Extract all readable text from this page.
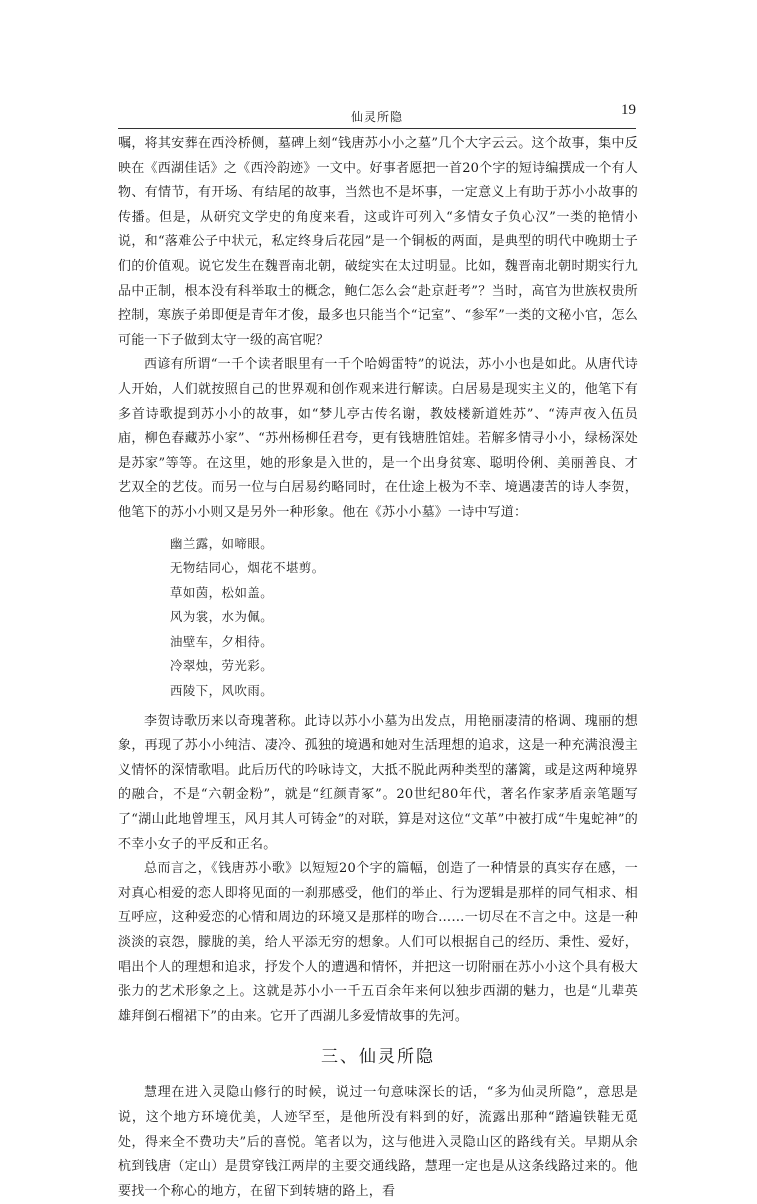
仙灵所隐	19

嘱，将其安葬在西泠桥侧，墓碑上刻“钱唐苏小小之墓”几个大字云云。这个故事，集中反映在《西湖佳话》之《西泠韵迹》一文中。好事者愿把一首20个字的短诗编撰成一个有人物、有情节，有开场、有结尾的故事，当然也不是坏事，一定意义上有助于苏小小故事的传播。但是，从研究文学史的角度来看，这或许可列入“多情女子负心汉”一类的艳情小说，和“落难公子中状元，私定终身后花园”是一个铜板的两面，是典型的明代中晚期士子们的价值观。说它发生在魏晋南北朝，破绽实在太过明显。比如，魏晋南北朝时期实行九品中正制，根本没有科举取士的概念，鲍仁怎么会“赴京赶考”？当时，高官为世族权贵所控制，寒族子弟即便是青年才俊，最多也只能当个“记室”、“参军”一类的文秘小官，怎么可能一下子做到太守一级的高官呢？

西谚有所谓“一千个读者眼里有一千个哈姆雷特”的说法，苏小小也是如此。从唐代诗人开始，人们就按照自己的世界观和创作观来进行解读。白居易是现实主义的，他笔下有多首诗歌提到苏小小的故事，如“梦儿亭古传名谢，教妓楼新道姓苏”、“涛声夜入伍员庙，柳色春藏苏小家”、“苏州杨柳任君夸，更有钱塘胜馆娃。若解多情寻小小，绿杨深处是苏家”等等。在这里，她的形象是入世的，是一个出身贫寒、聪明伶俐、美丽善良、才艺双全的艺伎。而另一位与白居易约略同时，在仕途上极为不幸、境遇凄苦的诗人李贺，他笔下的苏小小则又是另外一种形象。他在《苏小小墓》一诗中写道：

幽兰露，如啼眼。
无物结同心，烟花不堪剪。
草如茵，松如盖。
风为裳，水为佩。
油壁车，夕相待。
冷翠烛，劳光彩。
西陵下，风吹雨。

李贺诗歌历来以奇瑰著称。此诗以苏小小墓为出发点，用艳丽凄清的格调、瑰丽的想象，再现了苏小小纯洁、凄冷、孤独的境遇和她对生活理想的追求，这是一种充满浪漫主义情怀的深情歌唱。此后历代的吟咏诗文，大抵不脱此两种类型的藩篱，或是这两种境界的融合，不是“六朝金粉”，就是“红颜青冢”。20世纪80年代，著名作家茅盾亲笔题写了“湖山此地曾埋玉，风月其人可铸金”的对联，算是对这位“文革”中被打成“牛鬼蛇神”的不幸小女子的平反和正名。

总而言之，《钱唐苏小歌》以短短20个字的篇幅，创造了一种情景的真实存在感，一对真心相爱的恋人即将见面的一刹那感受，他们的举止、行为逻辑是那样的同气相求、相互呼应，这种爱恋的心情和周边的环境又是那样的吻合……一切尽在不言之中。这是一种淡淡的哀怨，朦胧的美，给人平添无穷的想象。人们可以根据自己的经历、秉性、爱好，唱出个人的理想和追求，抒发个人的遭遇和情怀，并把这一切附丽在苏小小这个具有极大张力的艺术形象之上。这就是苏小小一千五百余年来何以独步西湖的魅力，也是“儿辈英雄拜倒石榴裙下”的由来。它开了西湖儿多爱情故事的先河。

三、仙灵所隐

慧理在进入灵隐山修行的时候，说过一句意味深长的话，“多为仙灵所隐”，意思是说，这个地方环境优美，人迹罕至，是他所没有料到的好，流露出那种“踏遍铁鞋无觅处，得来全不费功夫”后的喜悦。笔者以为，这与他进入灵隐山区的路线有关。早期从余杭到钱唐（定山）是贯穿钱江两岸的主要交通线路，慧理一定也是从这条线路过来的。他要找一个称心的地方，在留下到转塘的路上，看
